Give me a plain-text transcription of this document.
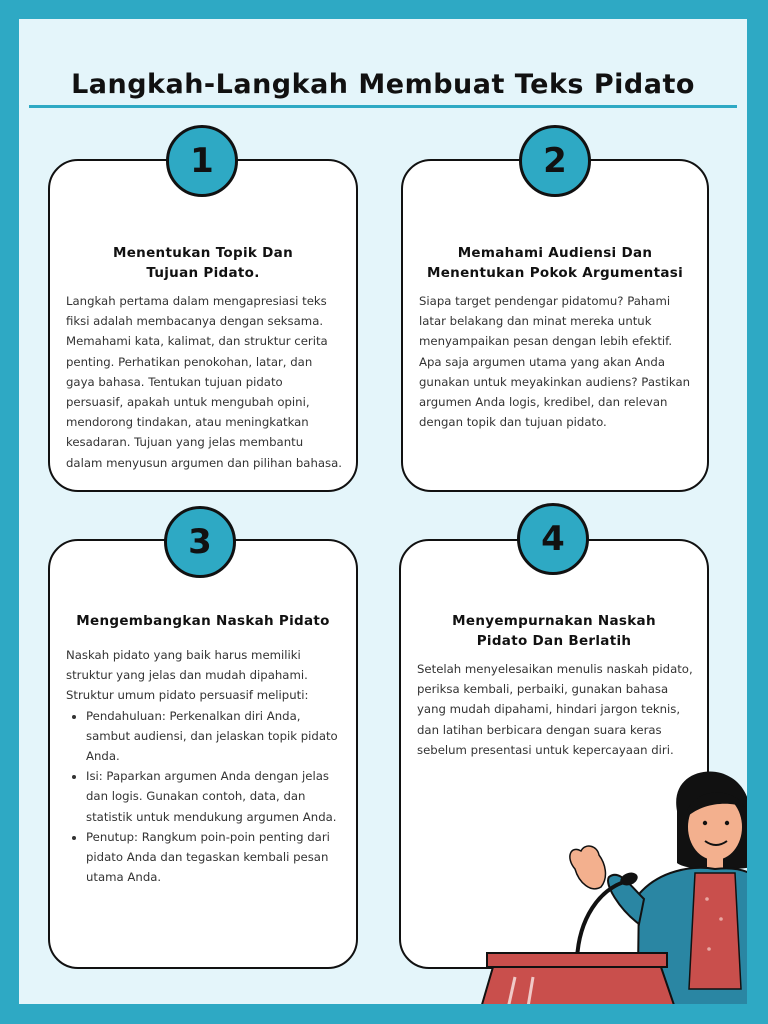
Langkah-Langkah Membuat Teks Pidato
Menentukan Topik Dan
Tujuan Pidato.
Langkah pertama dalam mengapresiasi teks fiksi adalah membacanya dengan seksama. Memahami kata, kalimat, dan struktur cerita penting. Perhatikan penokohan, latar, dan gaya bahasa. Tentukan tujuan pidato persuasif, apakah untuk mengubah opini, mendorong tindakan, atau meningkatkan kesadaran. Tujuan yang jelas membantu dalam menyusun argumen dan pilihan bahasa.
1
Memahami Audiensi Dan
Menentukan Pokok Argumentasi
Siapa target pendengar pidatomu? Pahami latar belakang dan minat mereka untuk menyampaikan pesan dengan lebih efektif. Apa saja argumen utama yang akan Anda gunakan untuk meyakinkan audiens? Pastikan argumen Anda logis, kredibel, dan relevan dengan topik dan tujuan pidato.
2
Mengembangkan Naskah Pidato
Naskah pidato yang baik harus memiliki struktur yang jelas dan mudah dipahami. Struktur umum pidato persuasif meliputi:
• Pendahuluan: Perkenalkan diri Anda, sambut audiensi, dan jelaskan topik pidato Anda.
• Isi: Paparkan argumen Anda dengan jelas dan logis. Gunakan contoh, data, dan statistik untuk mendukung argumen Anda.
• Penutup: Rangkum poin-poin penting dari pidato Anda dan tegaskan kembali pesan utama Anda.
3
Menyempurnakan Naskah
Pidato Dan Berlatih
Setelah menyelesaikan menulis naskah pidato, periksa kembali, perbaiki, gunakan bahasa yang mudah dipahami, hindari jargon teknis, dan latihan berbicara dengan suara keras sebelum presentasi untuk kepercayaan diri.
4
